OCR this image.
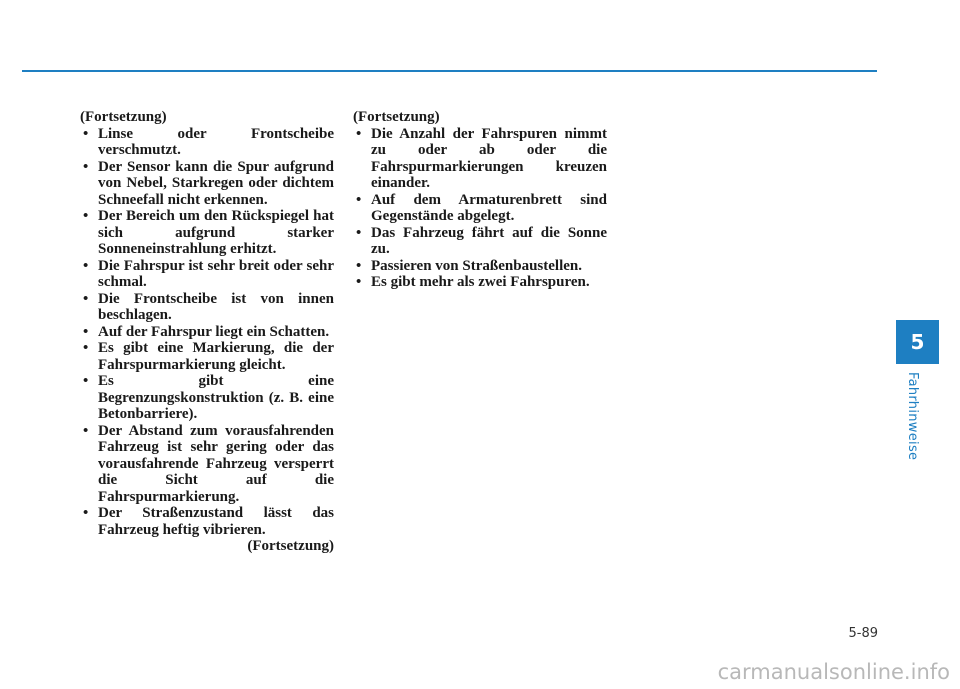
(Fortsetzung)

• Linse oder Frontscheibe verschmutzt.
• Der Sensor kann die Spur aufgrund von Nebel, Starkregen oder dichtem Schneefall nicht erkennen.
• Der Bereich um den Rückspiegel hat sich aufgrund starker Sonneneinstrahlung erhitzt.
• Die Fahrspur ist sehr breit oder sehr schmal.
• Die Frontscheibe ist von innen beschlagen.
• Auf der Fahrspur liegt ein Schatten.
• Es gibt eine Markierung, die der Fahrspurmarkierung gleicht.
• Es gibt eine Begrenzungskonstruktion (z. B. eine Betonbarriere).
• Der Abstand zum vorausfahrenden Fahrzeug ist sehr gering oder das vorausfahrende Fahrzeug versperrt die Sicht auf die Fahrspurmarkierung.
• Der Straßenzustand lässt das Fahrzeug heftig vibrieren.

(Fortsetzung)

(Fortsetzung)

• Die Anzahl der Fahrspuren nimmt zu oder ab oder die Fahrspurmarkierungen kreuzen einander.
• Auf dem Armaturenbrett sind Gegenstände abgelegt.
• Das Fahrzeug fährt auf die Sonne zu.
• Passieren von Straßenbaustellen.
• Es gibt mehr als zwei Fahrspuren.
5
Fahrhinweise
5-89
carmanualsonline.info
